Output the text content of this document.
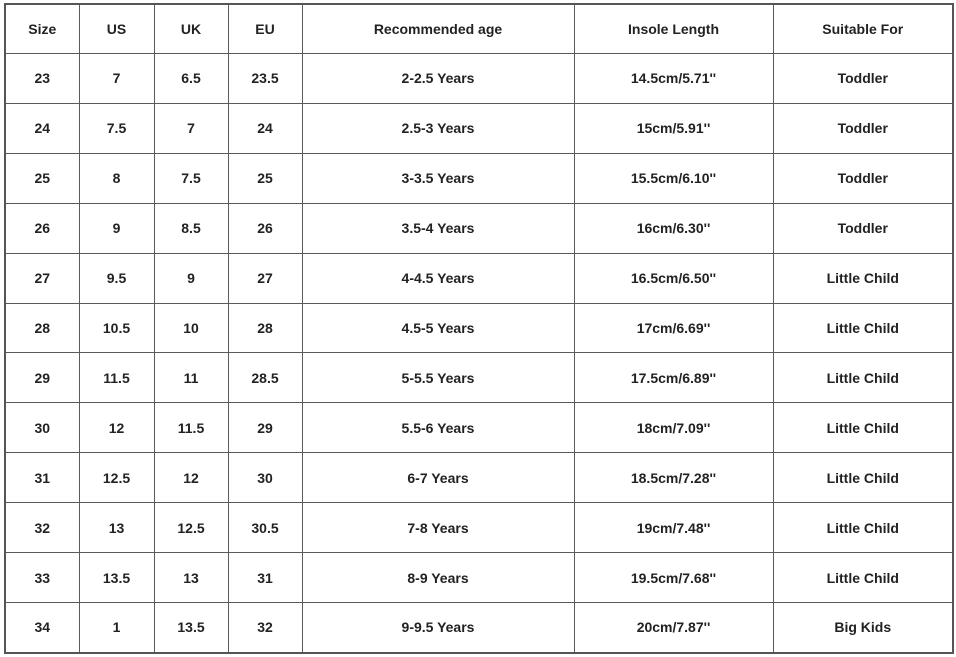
Size	US	UK	EU	Recommended age	Insole Length	Suitable For
23	7	6.5	23.5	2-2.5 Years	14.5cm/5.71''	Toddler
24	7.5	7	24	2.5-3 Years	15cm/5.91''	Toddler
25	8	7.5	25	3-3.5 Years	15.5cm/6.10''	Toddler
26	9	8.5	26	3.5-4 Years	16cm/6.30''	Toddler
27	9.5	9	27	4-4.5 Years	16.5cm/6.50''	Little Child
28	10.5	10	28	4.5-5 Years	17cm/6.69''	Little Child
29	11.5	11	28.5	5-5.5 Years	17.5cm/6.89''	Little Child
30	12	11.5	29	5.5-6 Years	18cm/7.09''	Little Child
31	12.5	12	30	6-7 Years	18.5cm/7.28''	Little Child
32	13	12.5	30.5	7-8 Years	19cm/7.48''	Little Child
33	13.5	13	31	8-9 Years	19.5cm/7.68''	Little Child
34	1	13.5	32	9-9.5 Years	20cm/7.87''	Big Kids
